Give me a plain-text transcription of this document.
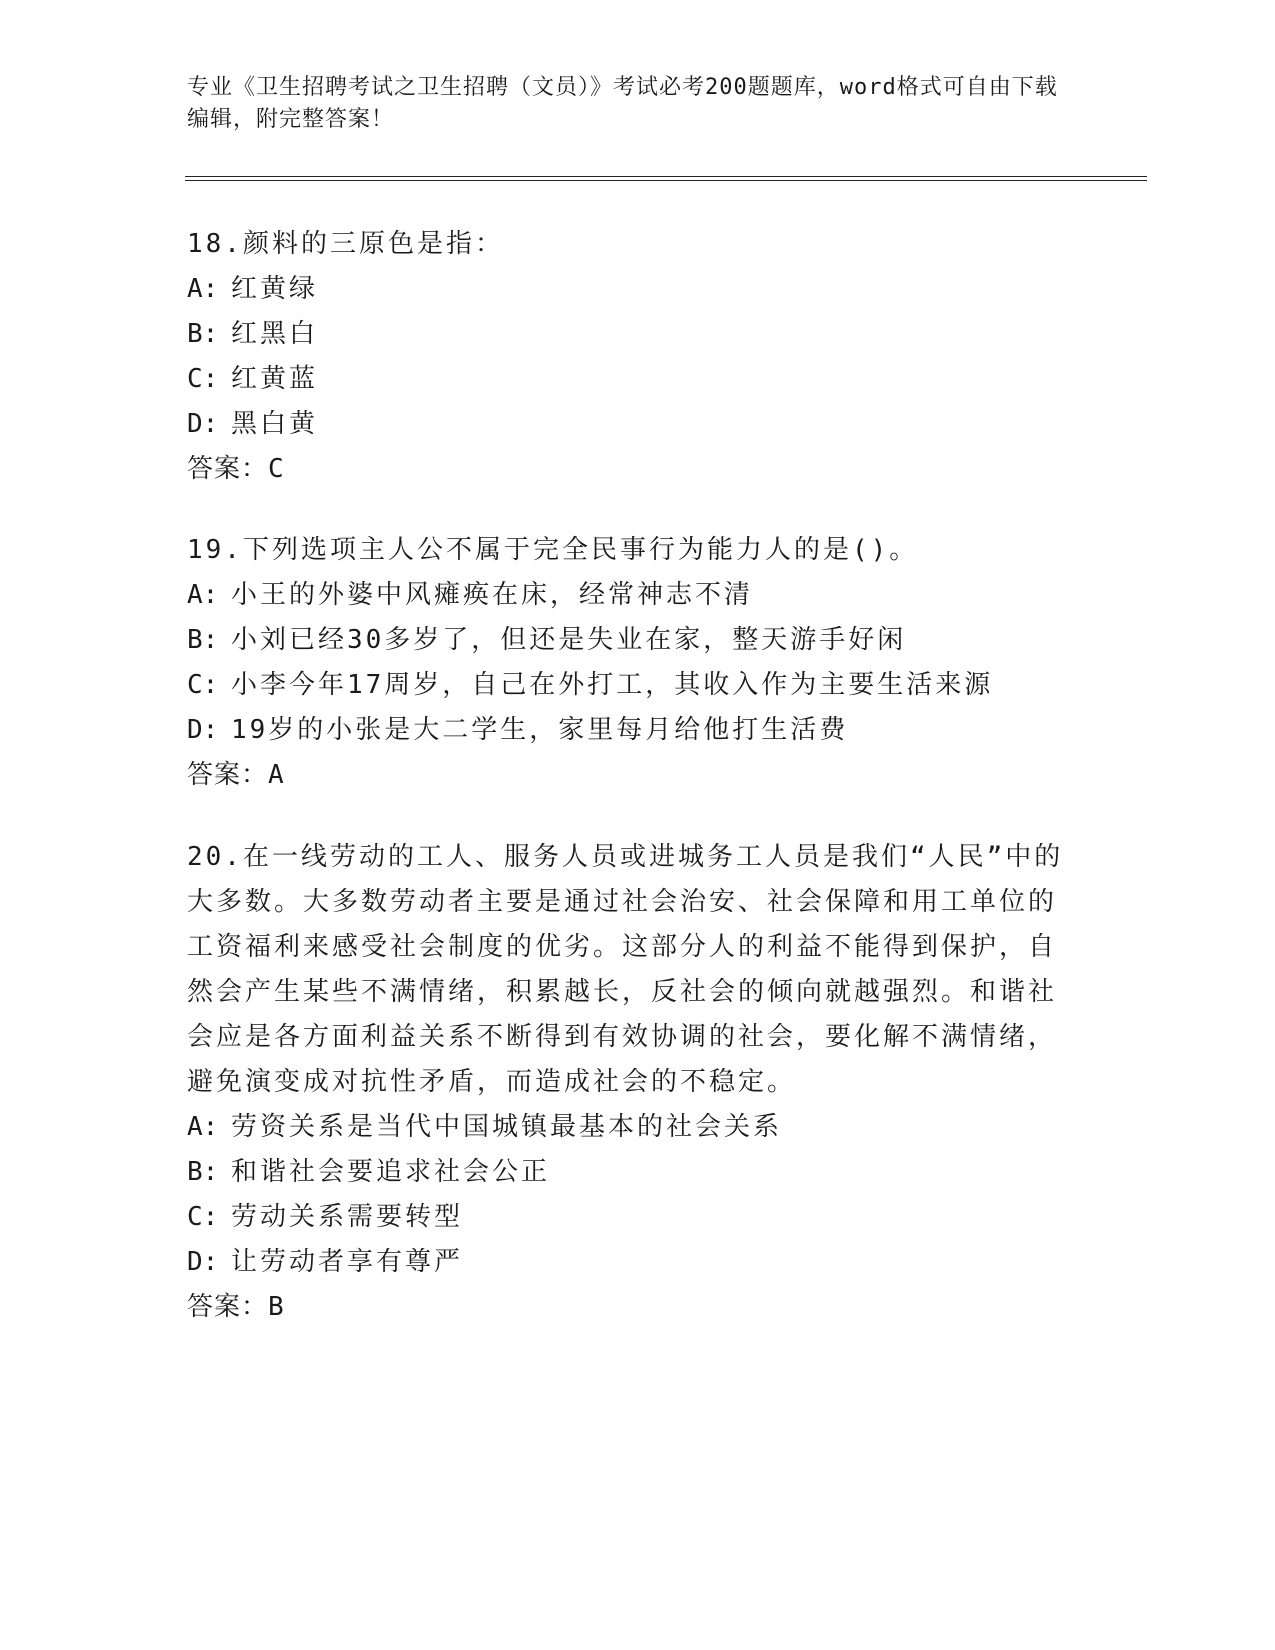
专业《卫生招聘考试之卫生招聘（文员）》考试必考200题题库，word格式可自由下载编辑，附完整答案！

18.颜料的三原色是指：

A: 红黄绿

B: 红黑白

C: 红黄蓝

D: 黑白黄

答案：C

19.下列选项主人公不属于完全民事行为能力人的是()。

A: 小王的外婆中风瘫痪在床，经常神志不清

B: 小刘已经30多岁了，但还是失业在家，整天游手好闲

C: 小李今年17周岁，自己在外打工，其收入作为主要生活来源

D: 19岁的小张是大二学生，家里每月给他打生活费

答案：A

20.在一线劳动的工人、服务人员或进城务工人员是我们“人民”中的大多数。大多数劳动者主要是通过社会治安、社会保障和用工单位的工资福利来感受社会制度的优劣。这部分人的利益不能得到保护，自然会产生某些不满情绪，积累越长，反社会的倾向就越强烈。和谐社会应是各方面利益关系不断得到有效协调的社会，要化解不满情绪，避免演变成对抗性矛盾，而造成社会的不稳定。

A: 劳资关系是当代中国城镇最基本的社会关系

B: 和谐社会要追求社会公正

C: 劳动关系需要转型

D: 让劳动者享有尊严

答案：B
